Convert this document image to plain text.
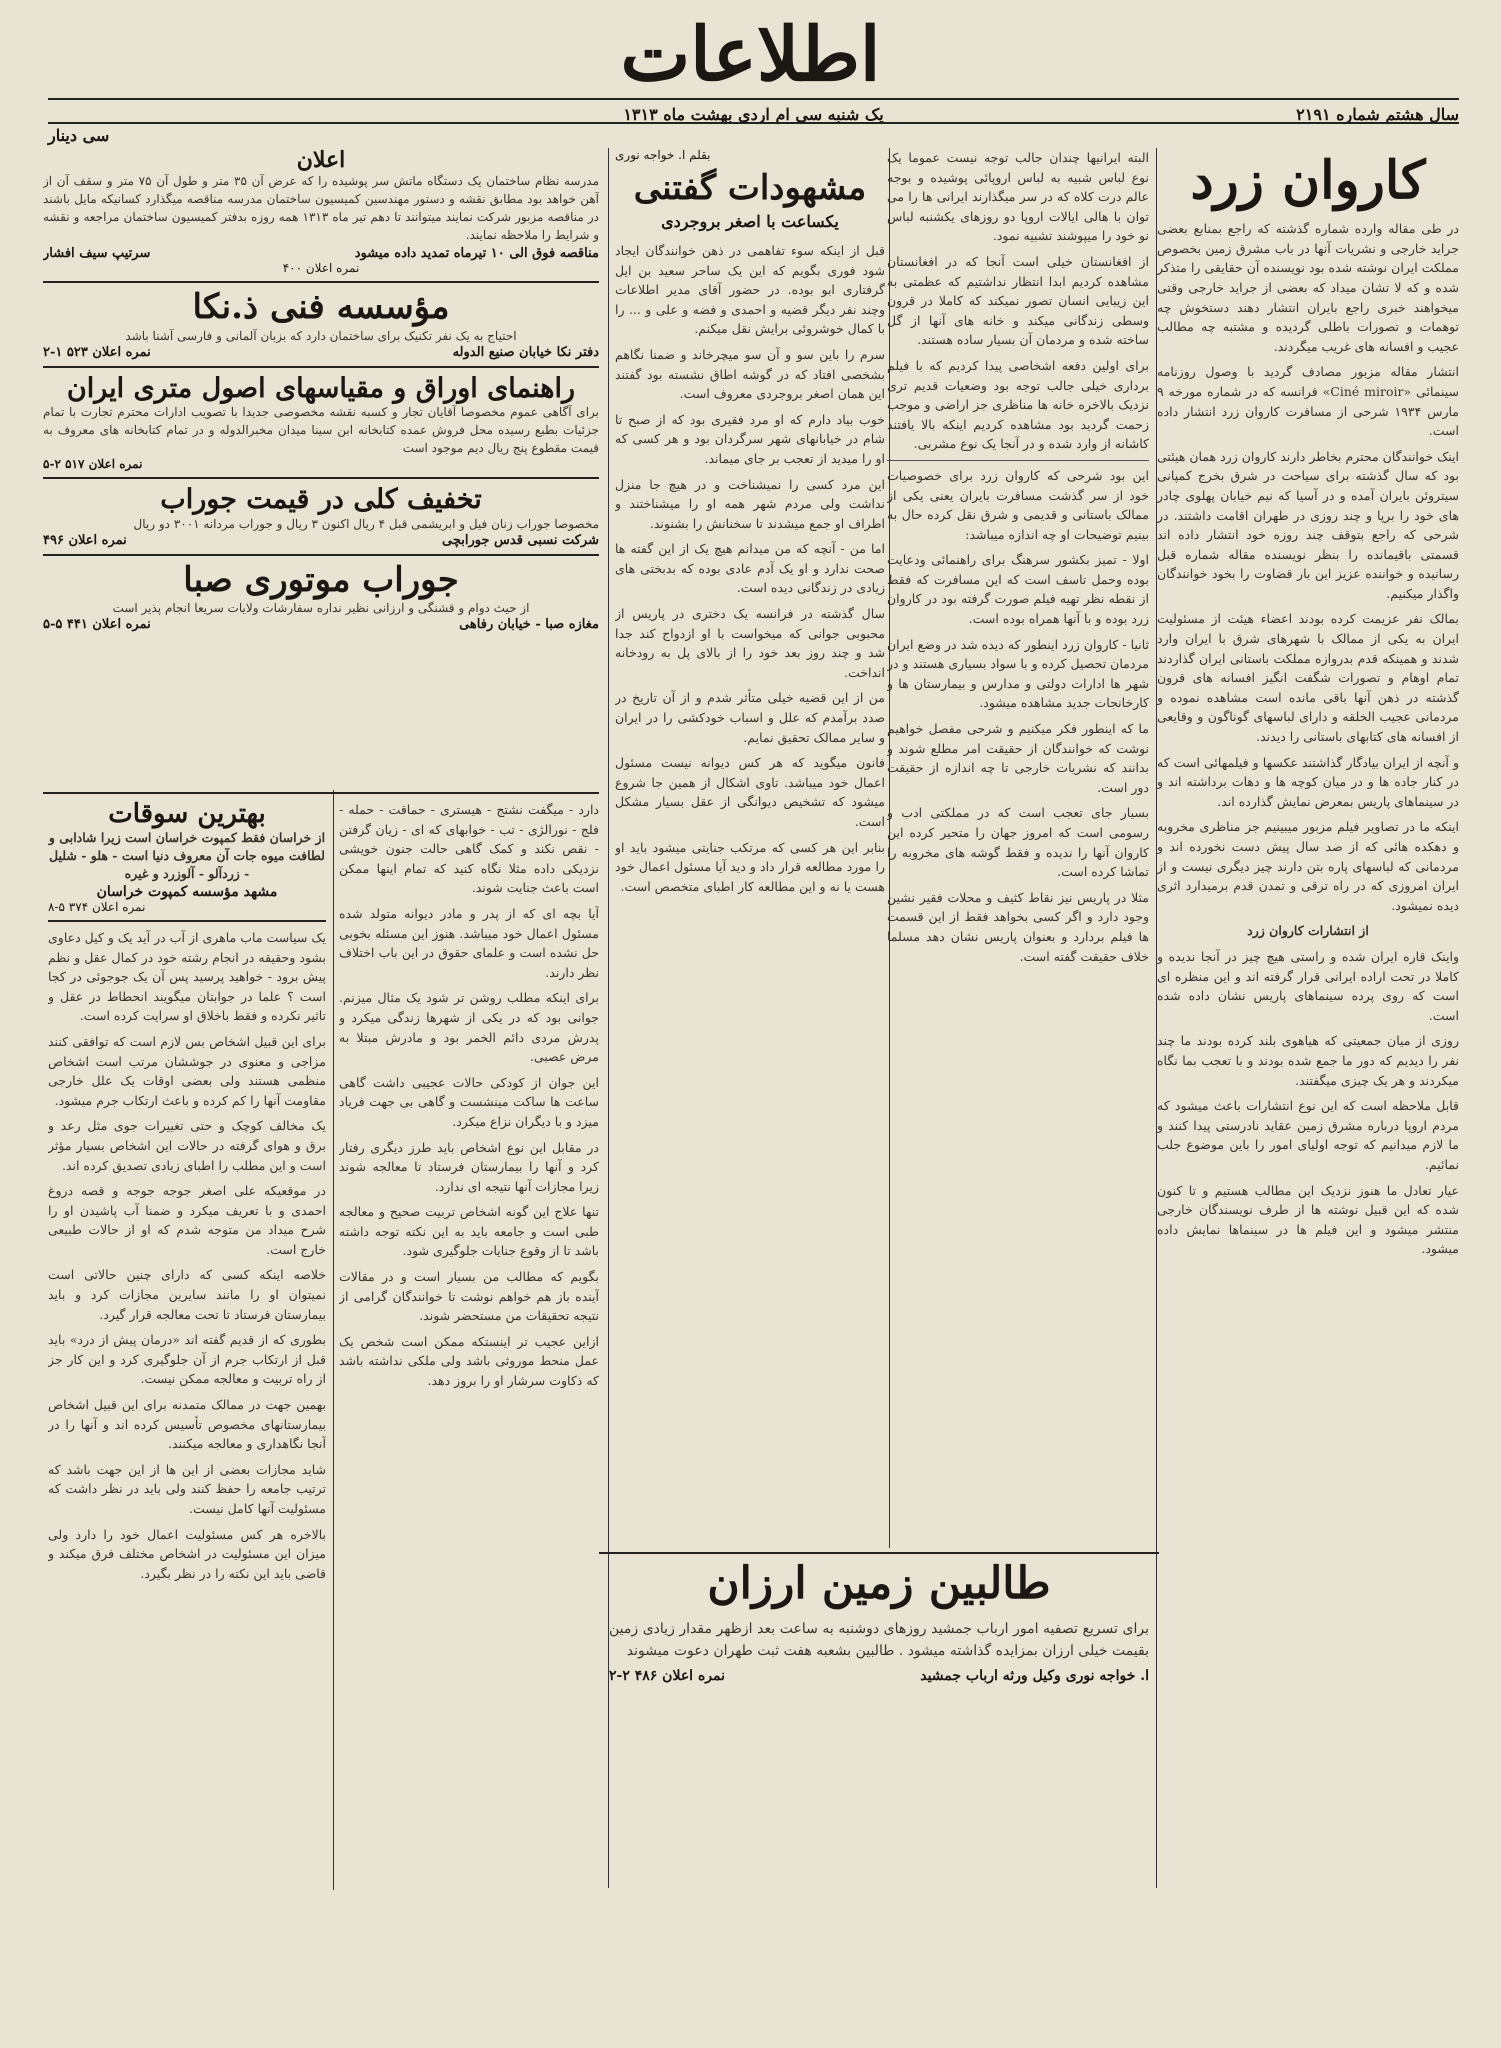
اطلاعات
سال هشتم شماره ۲۱۹۱
یک شنبه سی ام اردی بهشت ماه ۱۳۱۳
سی دینار
کاروان زرد

در طی مقاله وارده شماره گذشته که راجع بمنابع بعضی جراید خارجی و نشریات آنها در باب مشرق زمین بخصوص مملکت ایران نوشته شده بود نویسنده آن حقایقی را متذکر شده و که لا تشان میداد که بعضی از جراید خارجی وقتی میخواهند خبری راجع بایران انتشار دهند دستخوش چه توهمات و تصورات باطلی گردیده و مشتبه چه مطالب عجیب و افسانه های غریب میگردند.

انتشار مقاله مزبور مصادف گردید با وصول روزنامه سینمائی «Ciné miroir» فرانسه که در شماره مورخه ۹ مارس ۱۹۳۴ شرحی از مسافرت کاروان زرد انتشار داده است.

اینک خوانندگان محترم بخاطر دارند کاروان زرد همان هیئتی بود که سال گذشته برای سیاحت در شرق بخرج کمپانی سیتروئن بایران آمده و در آسیا که نیم خیابان پهلوی چادر های خود را برپا و چند روزی در طهران اقامت داشتند. در شرحی که راجع بتوقف چند روزه خود انتشار داده اند قسمتی باقیمانده را بنظر نویسنده مقاله شماره قبل رسانیده و خواننده عزیز این بار قضاوت را بخود خوانندگان واگذار میکنیم.

بمالک نفر عزیمت کرده بودند اعضاء هیئت از مسئولیت ایران به یکی از ممالک با شهرهای شرق با ایران وارد شدند و همینکه قدم بدروازه مملکت باستانی ایران گذاردند تمام اوهام و تصورات شگفت انگیز افسانه های قرون گذشته در ذهن آنها باقی مانده است مشاهده نموده و مردمانی عجیب الخلقه و دارای لباسهای گوناگون و وقایعی از افسانه های کتابهای باستانی را دیدند.

و آنچه از ایران بیادگار گذاشتند عکسها و فیلمهائی است که در کنار جاده ها و در میان کوچه ها و دهات برداشته اند و در سینماهای پاریس بمعرض نمایش گذارده اند.

اینکه ما در تصاویر فیلم مزبور میبینیم جز مناظری مخروبه و دهکده هائی که از صد سال پیش دست نخورده اند و مردمانی که لباسهای پاره بتن دارند چیز دیگری نیست و از ایران امروزی که در راه ترقی و تمدن قدم برمیدارد اثری دیده نمیشود.

از انتشارات کاروان زرد

واینک قاره ایران شده و راستی هیچ چیز در آنجا ندیده و کاملا در تحت اراده ایرانی قرار گرفته اند و این منظره ای است که روی پرده سینماهای پاریس نشان داده شده است.

روزی از میان جمعیتی که هیاهوی بلند کرده بودند ما چند نفر را دیدیم که دور ما جمع شده بودند و با تعجب بما نگاه میکردند و هر یک چیزی میگفتند.

قابل ملاحظه است که این نوع انتشارات باعث میشود که مردم اروپا درباره مشرق زمین عقاید نادرستی پیدا کنند و ما لازم میدانیم که توجه اولیای امور را باین موضوع جلب نمائیم.

عیار تعادل ما هنوز نزدیک این مطالب هستیم و تا کنون شده که این قبیل نوشته ها از طرف نویسندگان خارجی منتشر میشود و این فیلم ها در سینماها نمایش داده میشود.

البته ایرانیها چندان جالب توجه نیست عموما یک نوع لباس شبیه به لباس اروپائی پوشیده و بوجه عالم درت کلاه که در سر میگذارند ایرانی ها را می توان با هالی ایالات اروپا دو روزهای یکشنبه لباس نو خود را میپوشند تشبیه نمود.

از افغانستان خیلی است آنجا که در افغانستان مشاهده کردیم ابدا انتظار نداشتیم که عظمتی به این زیبایی انسان تصور نمیکند که کاملا در قرون وسطی زندگانی میکند و خانه های آنها از گل ساخته شده و مردمان آن بسیار ساده هستند.

برای اولین دفعه اشخاصی پیدا کردیم که با فیلم برداری خیلی جالب توجه بود وضعیات قدیم تری نزدیک بالاخره خانه ها مناظری جز اراضی و موجب زحمت گردید بود مشاهده کردیم اینکه بالا یافتند کاشانه از وارد شده و در آنجا یک نوع مشربی.

این بود شرحی که کاروان زرد برای خصوصیات خود از سر گذشت مسافرت بایران یعنی یکی از ممالک باستانی و قدیمی و شرق نقل کرده حال به بینیم توضیحات او چه اندازه میباشد:

اولا - تمیز بکشور سرهنگ برای راهنمائی ودعایت بوده وحمل تاسف است که این مسافرت که فقط از نقطه نظر تهیه فیلم صورت گرفته بود در کاروان زرد بوده و با آنها همراه بوده است.

ثانیا - کاروان زرد اینطور که دیده شد در وضع ایران مردمان تحصیل کرده و با سواد بسیاری هستند و در شهر ها ادارات دولتی و مدارس و بیمارستان ها و کارخانجات جدید مشاهده میشود.

ما که اینطور فکر میکنیم و شرحی مفصل خواهیم نوشت که خوانندگان از حقیقت امر مطلع شوند و بدانند که نشریات خارجی تا چه اندازه از حقیقت دور است.

بسیار جای تعجب است که در مملکتی ادب و رسومی است که امروز جهان را متحیر کرده این کاروان آنها را ندیده و فقط گوشه های مخروبه را تماشا کرده است.

مثلا در پاریس نیز نقاط کثیف و محلات فقیر نشین وجود دارد و اگر کسی بخواهد فقط از این قسمت ها فیلم بردارد و بعنوان پاریس نشان دهد مسلما خلاف حقیقت گفته است.

طالبین زمین ارزان
برای تسریع تصفیه امور ارباب جمشید روزهای دوشنبه به ساعت بعد ازظهر مقدار زیادی زمین بقیمت خیلی ارزان بمزایده گذاشته میشود . طالبین بشعبه هفت ثبت طهران دعوت میشوند
ا. خواجه نوری وکیل ورثه ارباب جمشید
نمره اعلان ۴۸۶ ۲-۲
بقلم ا. خواجه نوری
مشهودات گفتنی
یکساعت با اصغر بروجردی

قبل از اینکه سوء تفاهمی در ذهن خوانندگان ایجاد شود فوری بگویم که این یک ساحر سعید بن ایل گرفتاری ابو بوده. در حضور آقای مدیر اطلاعات وچند نفر دیگر قضیه و احمدی و فضه و علی و ... را با کمال خوشروئی برایش نقل میکنم.

سرم را باین سو و آن سو میچرخاند و ضمنا نگاهم بشخصی افتاد که در گوشه اطاق نشسته بود گفتند این همان اصغر بروجردی معروف است.

خوب بیاد دارم که او مرد فقیری بود که از صبح تا شام در خیابانهای شهر سرگردان بود و هر کسی که او را میدید از تعجب بر جای میماند.

این مرد کسی را نمیشناخت و در هیچ جا منزل نداشت ولی مردم شهر همه او را میشناختند و اطراف او جمع میشدند تا سخنانش را بشنوند.

اما من - آنچه که من میدانم هیچ یک از این گفته ها صحت ندارد و او یک آدم عادی بوده که بدبختی های زیادی در زندگانی دیده است.

سال گذشته در فرانسه یک دختری در پاریس از محبوبی جوانی که میخواست با او ازدواج کند جدا شد و چند روز بعد خود را از بالای پل به رودخانه انداخت.

من از این قضیه خیلی متأثر شدم و از آن تاریخ در صدد برآمدم که علل و اسباب خودکشی را در ایران و سایر ممالک تحقیق نمایم.

فانون میگوید که هر کس دیوانه نیست مسئول اعمال خود میباشد. تاوی اشکال از همین جا شروع میشود که تشخیص دیوانگی از عقل بسیار مشکل است.

بنابر این هر کسی که مرتکب جنایتی میشود باید او را مورد مطالعه قرار داد و دید آیا مسئول اعمال خود هست یا نه و این مطالعه کار اطبای متخصص است.

اعلان
مدرسه نظام ساختمان یک دستگاه ماتش سر پوشیده را که عرض آن ۳۵ متر و طول آن ۷۵ متر و سقف آن از آهن خواهد بود مطابق نقشه و دستور مهندسین کمیسیون ساختمان مدرسه مناقصه میگذارد کسانیکه مایل باشند در مناقصه مزبور شرکت نمایند میتوانند تا دهم تیر ماه ۱۳۱۳ همه روزه بدفتر کمیسیون ساختمان مراجعه و نقشه و شرایط را ملاحظه نمایند.
مناقصه فوق الی ۱۰ تیرماه تمدید داده میشود
سرتیپ سیف افشار
نمره اعلان ۴۰۰
مؤسسه فنی ذ.نکا
احتیاج به یک نفر تکنیک برای ساختمان دارد که بزبان آلمانی و فارسی آشنا باشد
دفتر نکا خیابان صنیع الدوله
نمره اعلان ۵۲۳ ۱-۲
راهنمای اوراق و مقیاسهای اصول متری ایران
برای آگاهی عموم مخصوصا آقایان تجار و کسبه نقشه مخصوصی جدیدا با تصویب ادارات محترم تجارت با تمام جزئیات بطبع رسیده محل فروش عمده کتابخانه ابن سینا میدان مخبرالدوله و در تمام کتابخانه های معروف به قیمت مقطوع پنج ریال دیم موجود است
نمره اعلان ۵۱۷ ۲-۵
تخفیف کلی در قیمت جوراب
مخصوصا جوراب زنان فیل و ابریشمی قبل ۴ ریال اکنون ۳ ریال و جوراب مردانه ۳۰۰۱ دو ریال
شرکت نسبی قدس جورابچی
نمره اعلان ۴۹۶
جوراب موتوری صبا
از حیث دوام و قشنگی و ارزانی نظیر نداره سفارشات ولایات سریعا انجام پذیر است
مغازه صبا - خیابان رفاهی
نمره اعلان ۴۴۱ ۵-۵

دارد - میگفت نشتج - هیستری - حماقت - حمله - فلج - نورالژی - تب - خوابهای که ای - زیان گرفتن - نقص نکند و کمک گاهی حالت جنون خویشی نزدیکی داده مثلا نگاه کنید که تمام اینها ممکن است باعث جنایت شوند.

آیا بچه ای که از پدر و مادر دیوانه متولد شده مسئول اعمال خود میباشد. هنوز این مسئله بخوبی حل نشده است و علمای حقوق در این باب اختلاف نظر دارند.

برای اینکه مطلب روشن تر شود یک مثال میزنم. جوانی بود که در یکی از شهرها زندگی میکرد و پدرش مردی دائم الخمر بود و مادرش مبتلا به مرض عصبی.

این جوان از کودکی حالات عجیبی داشت گاهی ساعت ها ساکت مینشست و گاهی بی جهت فریاد میزد و با دیگران نزاع میکرد.

در مقابل این نوع اشخاص باید طرز دیگری رفتار کرد و آنها را بیمارستان فرستاد تا معالجه شوند زیرا مجازات آنها نتیجه ای ندارد.

تنها علاج این گونه اشخاص تربیت صحیح و معالجه طبی است و جامعه باید به این نکته توجه داشته باشد تا از وقوع جنایات جلوگیری شود.

بگویم که مطالب من بسیار است و در مقالات آینده باز هم خواهم نوشت تا خوانندگان گرامی از نتیجه تحقیقات من مستحضر شوند.

ازاین عجیب تر اینستکه ممکن است شخص یک عمل منحط موروثی باشد ولی ملکی نداشته باشد که ذکاوت سرشار او را بروز دهد.

بهترین سوقات
از خراسان فقط کمپوت خراسان است زیرا شادابی و لطافت میوه جات آن معروف دنیا است - هلو - شلیل - زردآلو - آلوزرد و غیره
مشهد مؤسسه کمپوت خراسان
نمره اعلان ۳۷۴ ۵-۸

یک سیاست ماب ماهری از آب در آید یک و کیل دعاوی بشود وحقیقه در انجام رشته خود در کمال عقل و نظم پیش برود - خواهید پرسید پس آن یک جوجوئی در کجا است ؟ علما در جوابتان میگویند انحطاط در عقل و تاثیر نکرده و فقط باخلاق او سرایت کرده است.

برای این قبیل اشخاص بس لازم است که توافقی کنند مزاجی و معنوی در جوششان مرتب است اشخاص منظمی هستند ولی بعضی اوقات یک علل خارجی مقاومت آنها را کم کرده و باعث ارتکاب جرم میشود.

یک مخالف کوچک و حتی تغییرات جوی مثل رعد و برق و هوای گرفته در حالات این اشخاص بسیار مؤثر است و این مطلب را اطبای زیادی تصدیق کرده اند.

در موقعیکه علی اصغر جوجه جوجه و قصه دروغ احمدی و با تعریف میکرد و ضمنا آب پاشیدن او را شرح میداد من متوجه شدم که او از حالات طبیعی خارج است.

خلاصه اینکه کسی که دارای چنین حالاتی است نمیتوان او را مانند سایرین مجازات کرد و باید بیمارستان فرستاد تا تحت معالجه قرار گیرد.

بطوری که از قدیم گفته اند «درمان پیش از درد» باید قبل از ارتکاب جرم از آن جلوگیری کرد و این کار جز از راه تربیت و معالجه ممکن نیست.

بهمین جهت در ممالک متمدنه برای این قبیل اشخاص بیمارستانهای مخصوص تأسیس کرده اند و آنها را در آنجا نگاهداری و معالجه میکنند.

شاید مجازات بعضی از این ها از این جهت باشد که ترتیب جامعه را حفظ کنند ولی باید در نظر داشت که مسئولیت آنها کامل نیست.

بالاخره هر کس مسئولیت اعمال خود را دارد ولی میزان این مسئولیت در اشخاص مختلف فرق میکند و قاضی باید این نکته را در نظر بگیرد.
